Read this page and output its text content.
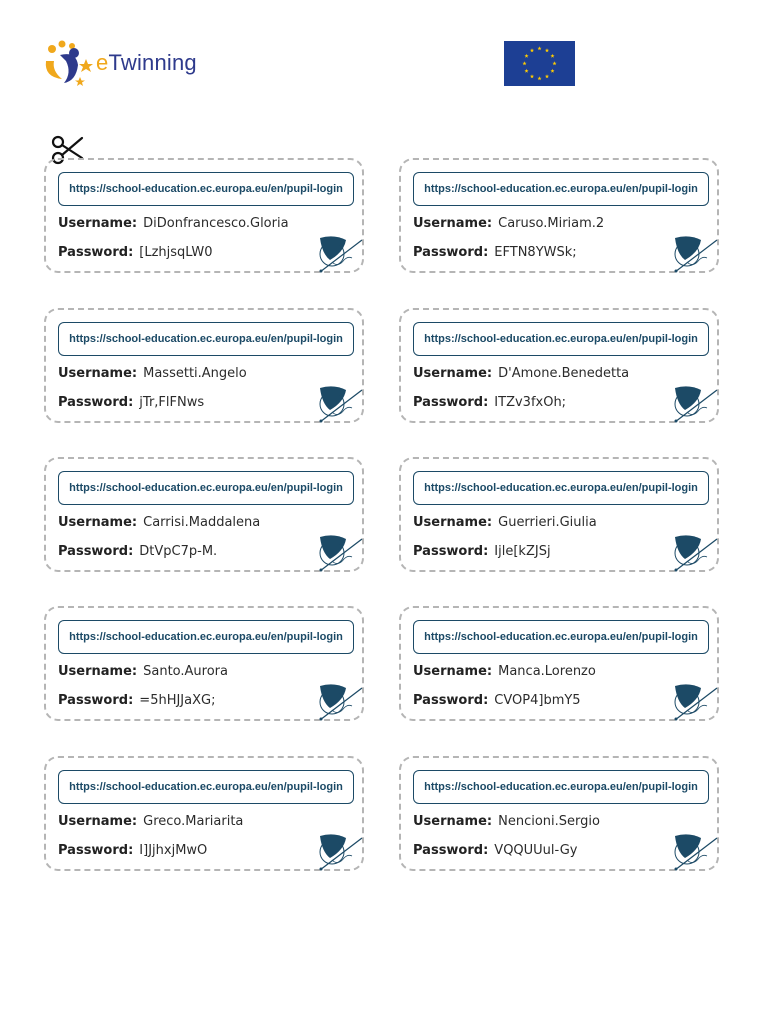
eTwinning
https://school-education.ec.europa.eu/en/pupil-login
Username: DiDonfrancesco.Gloria
Password: [LzhjsqLW0
https://school-education.ec.europa.eu/en/pupil-login
Username: Caruso.Miriam.2
Password: EFTN8YWSk;
https://school-education.ec.europa.eu/en/pupil-login
Username: Massetti.Angelo
Password: jTr,FlFNws
https://school-education.ec.europa.eu/en/pupil-login
Username: D'Amone.Benedetta
Password: ITZv3fxOh;
https://school-education.ec.europa.eu/en/pupil-login
Username: Carrisi.Maddalena
Password: DtVpC7p-M.
https://school-education.ec.europa.eu/en/pupil-login
Username: Guerrieri.Giulia
Password: Ijle[kZJSj
https://school-education.ec.europa.eu/en/pupil-login
Username: Santo.Aurora
Password: =5hHJJaXG;
https://school-education.ec.europa.eu/en/pupil-login
Username: Manca.Lorenzo
Password: CVOP4]bmY5
https://school-education.ec.europa.eu/en/pupil-login
Username: Greco.Mariarita
Password: I]JjhxjMwO
https://school-education.ec.europa.eu/en/pupil-login
Username: Nencioni.Sergio
Password: VQQUUul-Gy
